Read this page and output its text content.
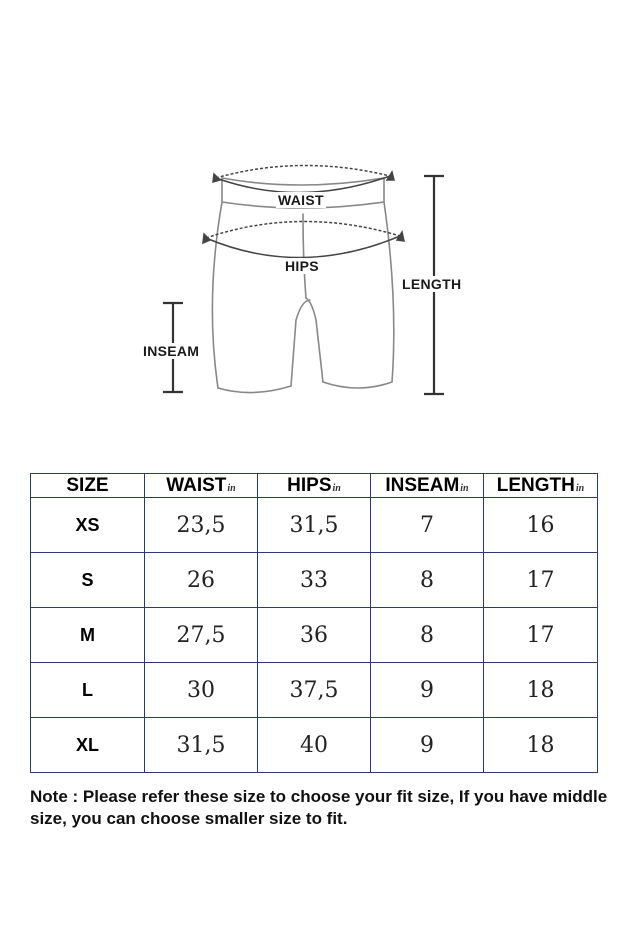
WAIST
HIPS
LENGTH
INSEAM
SIZE	WAISTin	HIPSin	INSEAMin	LENGTHin
XS	23,5	31,5	7	16
S	26	33	8	17
M	27,5	36	8	17
L	30	37,5	9	18
XL	31,5	40	9	18

Note : Please refer these size to choose your fit size, If you have middle size, you can choose smaller size to fit.
